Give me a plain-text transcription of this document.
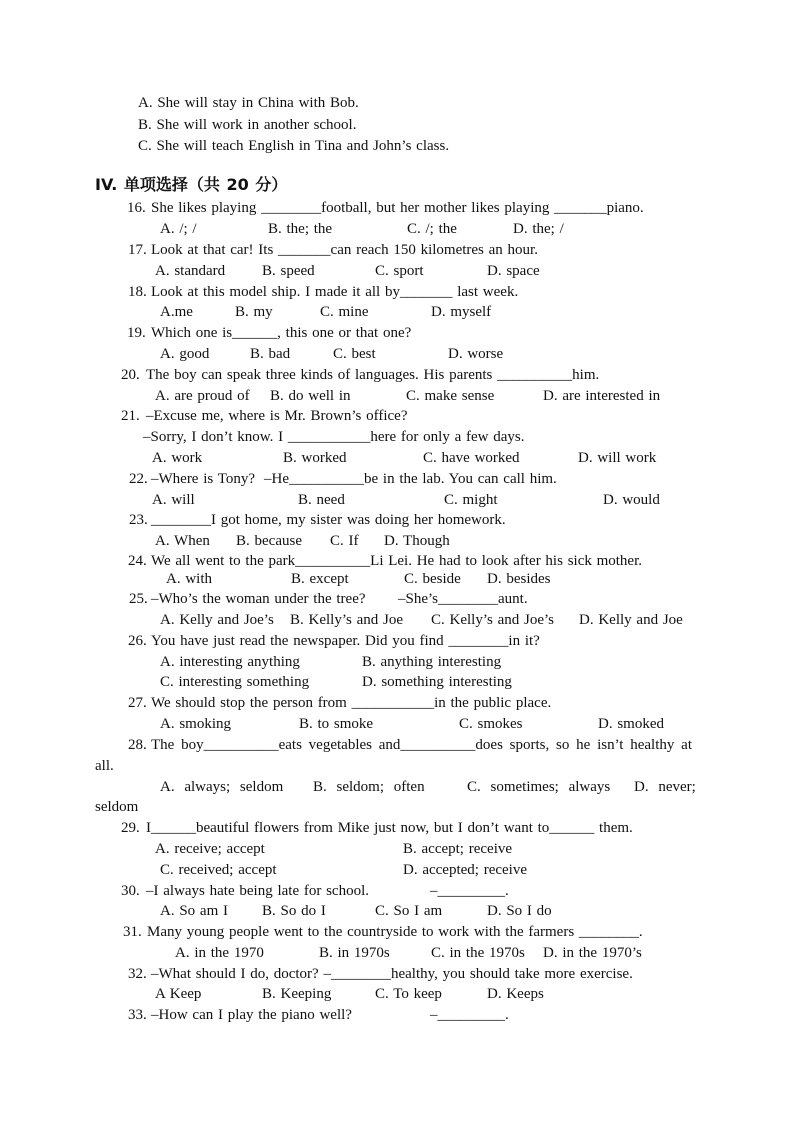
A. She will stay in China with Bob.
B. She will work in another school.
C. She will teach English in Tina and John’s class.
IV. 单项选择（共 20 分）
16. She likes playing ________football, but her mother likes playing _______piano.
A. /; /	B. the; the	C. /; the	D. the; /
17. Look at that car! Its _______can reach 150 kilometres an hour.
A. standard B. speed	C. sport	D. space
18. Look at this model ship. I made it all by_______ last week.
A.me	B. my	C. mine	D. myself
19. Which one is______, this one or that one?
A. good	B. bad	C. best	D. worse
20. The boy can speak three kinds of languages. His parents __________him.
A. are proud of B. do well in	C. make sense	D. are interested in
21. –Excuse me, where is Mr. Brown’s office?
–Sorry, I don’t know. I ___________here for only a few days.
A. work	B. worked	C. have worked	D. will work
22. –Where is Tony? –He__________be in the lab. You can call him.
A. will	B. need	C. might	D. would
23. ________I got home, my sister was doing her homework.
A. When B. because C. If D. Though
24. We all went to the park__________Li Lei. He had to look after his sick mother.
A. with	B. except	C. beside D. besides
25. –Who’s the woman under the tree? –She’s________aunt.
A. Kelly and Joe’s B. Kelly’s and Joe C. Kelly’s and Joe’s D. Kelly and Joe
26. You have just read the newspaper. Did you find ________in it?
A. interesting anything	B. anything interesting
C. interesting something	D. something interesting
27. We should stop the person from ___________in the public place.
A. smoking	B. to smoke	C. smokes	D. smoked
28. The boy__________eats vegetables and__________does sports, so he isn’t healthy at
all.
A. always; seldom B. seldom; often	C. sometimes; always D. never;
seldom
29. I______beautiful flowers from Mike just now, but I don’t want to______ them.
A. receive; accept	B. accept; receive
C. received; accept	D. accepted; receive
30. –I always hate being late for school.	–_________.
A. So am I B. So do I	C. So I am	D. So I do
31. Many young people went to the countryside to work with the farmers ________.
A. in the 1970	B. in 1970s	C. in the 1970s D. in the 1970’s
32. –What should I do, doctor? –________healthy, you should take more exercise.
A Keep	B. Keeping	C. To keep	D. Keeps
33. –How can I play the piano well?	–_________.
